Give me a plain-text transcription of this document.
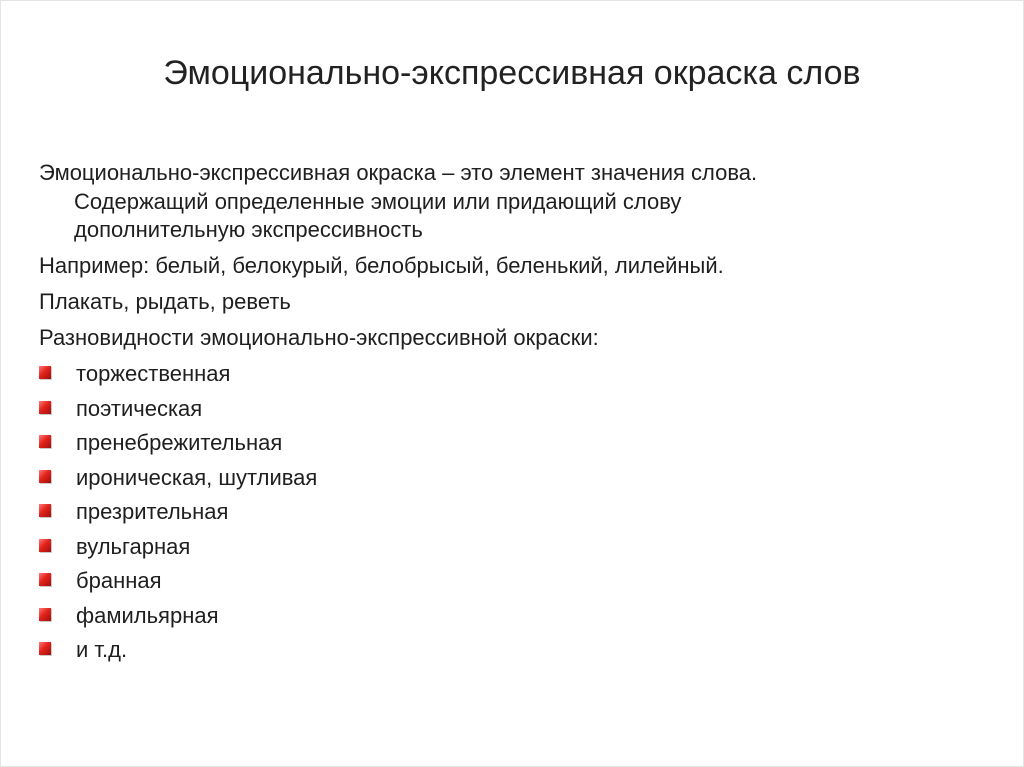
Эмоционально-экспрессивная окраска слов
Эмоционально-экспрессивная окраска – это элемент значения слова.
Содержащий определенные эмоции или придающий слову
дополнительную экспрессивность
Например: белый, белокурый, белобрысый, беленький, лилейный.
Плакать, рыдать, реветь
Разновидности эмоционально-экспрессивной окраски:
торжественная
поэтическая
пренебрежительная
ироническая, шутливая
презрительная
вульгарная
бранная
фамильярная
и т.д.
